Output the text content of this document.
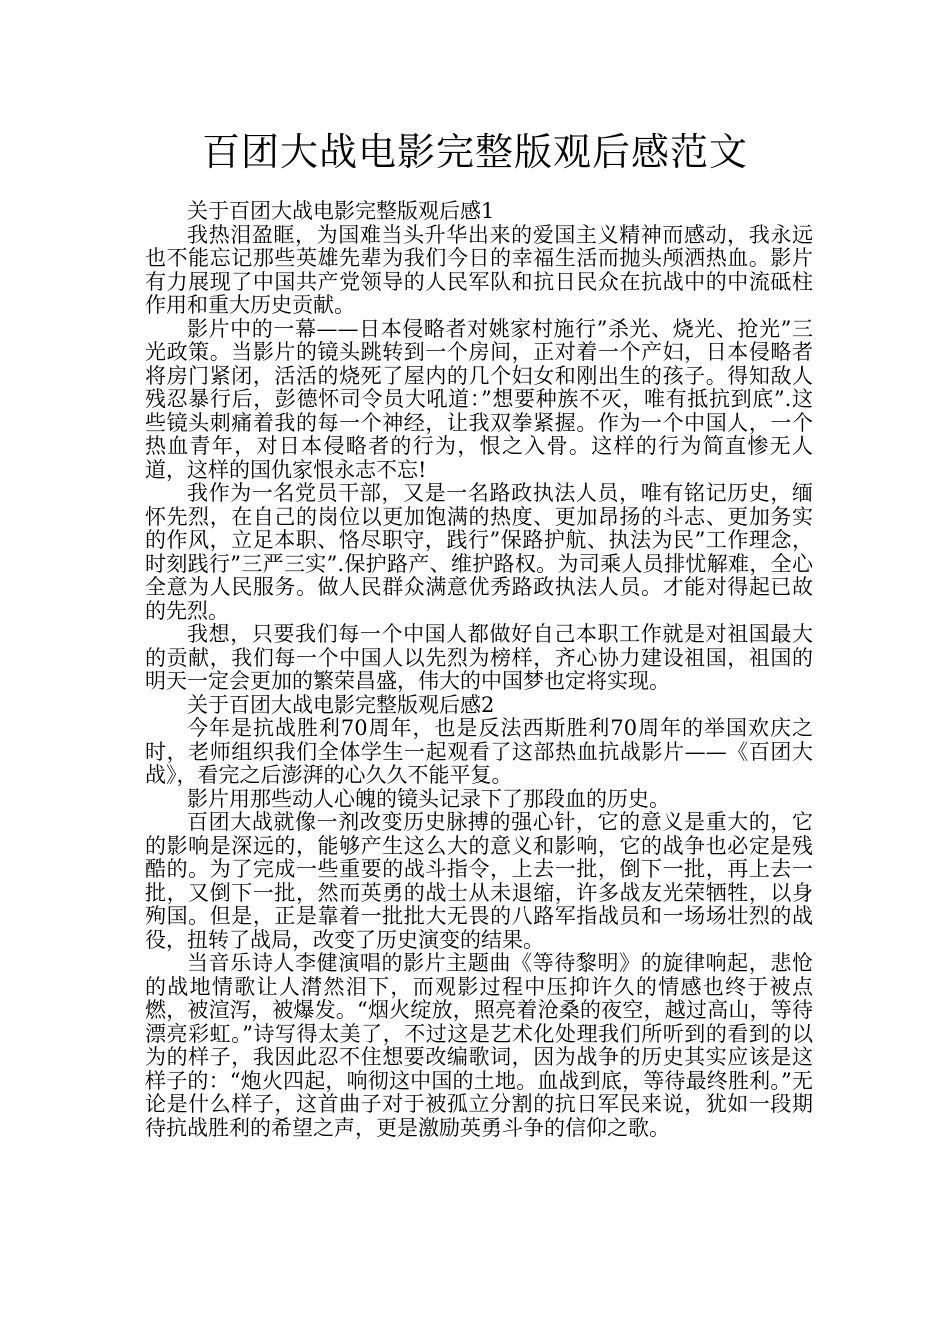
百团大战电影完整版观后感范文

关于百团大战电影完整版观后感1

我热泪盈眶，为国难当头升华出来的爱国主义精神而感动，我永远也不能忘记那些英雄先辈为我们今日的幸福生活而抛头颅洒热血。影片有力展现了中国共产党领导的人民军队和抗日民众在抗战中的中流砥柱作用和重大历史贡献。

影片中的一幕——日本侵略者对姚家村施行”杀光、烧光、抢光”三光政策。当影片的镜头跳转到一个房间，正对着一个产妇，日本侵略者将房门紧闭，活活的烧死了屋内的几个妇女和刚出生的孩子。得知敌人残忍暴行后，彭德怀司令员大吼道：”想要种族不灭，唯有抵抗到底”.这些镜头刺痛着我的每一个神经，让我双拳紧握。作为一个中国人，一个热血青年，对日本侵略者的行为，恨之入骨。这样的行为简直惨无人道，这样的国仇家恨永志不忘!

我作为一名党员干部，又是一名路政执法人员，唯有铭记历史，缅怀先烈，在自己的岗位以更加饱满的热度、更加昂扬的斗志、更加务实的作风，立足本职、恪尽职守，践行”保路护航、执法为民”工作理念，时刻践行”三严三实”.保护路产、维护路权。为司乘人员排忧解难，全心全意为人民服务。做人民群众满意优秀路政执法人员。才能对得起已故的先烈。

我想，只要我们每一个中国人都做好自己本职工作就是对祖国最大的贡献，我们每一个中国人以先烈为榜样，齐心协力建设祖国，祖国的明天一定会更加的繁荣昌盛，伟大的中国梦也定将实现。

关于百团大战电影完整版观后感2

今年是抗战胜利70周年，也是反法西斯胜利70周年的举国欢庆之时，老师组织我们全体学生一起观看了这部热血抗战影片——《百团大战》，看完之后澎湃的心久久不能平复。

影片用那些动人心魄的镜头记录下了那段血的历史。

百团大战就像一剂改变历史脉搏的强心针，它的意义是重大的，它的影响是深远的，能够产生这么大的意义和影响，它的战争也必定是残酷的。为了完成一些重要的战斗指令，上去一批，倒下一批，再上去一批，又倒下一批，然而英勇的战士从未退缩，许多战友光荣牺牲，以身殉国。但是，正是靠着一批批大无畏的八路军指战员和一场场壮烈的战役，扭转了战局，改变了历史演变的结果。

当音乐诗人李健演唱的影片主题曲《等待黎明》的旋律响起，悲怆的战地情歌让人潸然泪下，而观影过程中压抑许久的情感也终于被点燃，被渲泻，被爆发。“烟火绽放，照亮着沧桑的夜空，越过高山，等待漂亮彩虹。”诗写得太美了，不过这是艺术化处理我们所听到的看到的以为的样子，我因此忍不住想要改编歌词，因为战争的历史其实应该是这样子的：“炮火四起，响彻这中国的土地。血战到底，等待最终胜利。”无论是什么样子，这首曲子对于被孤立分割的抗日军民来说，犹如一段期待抗战胜利的希望之声，更是激励英勇斗争的信仰之歌。
